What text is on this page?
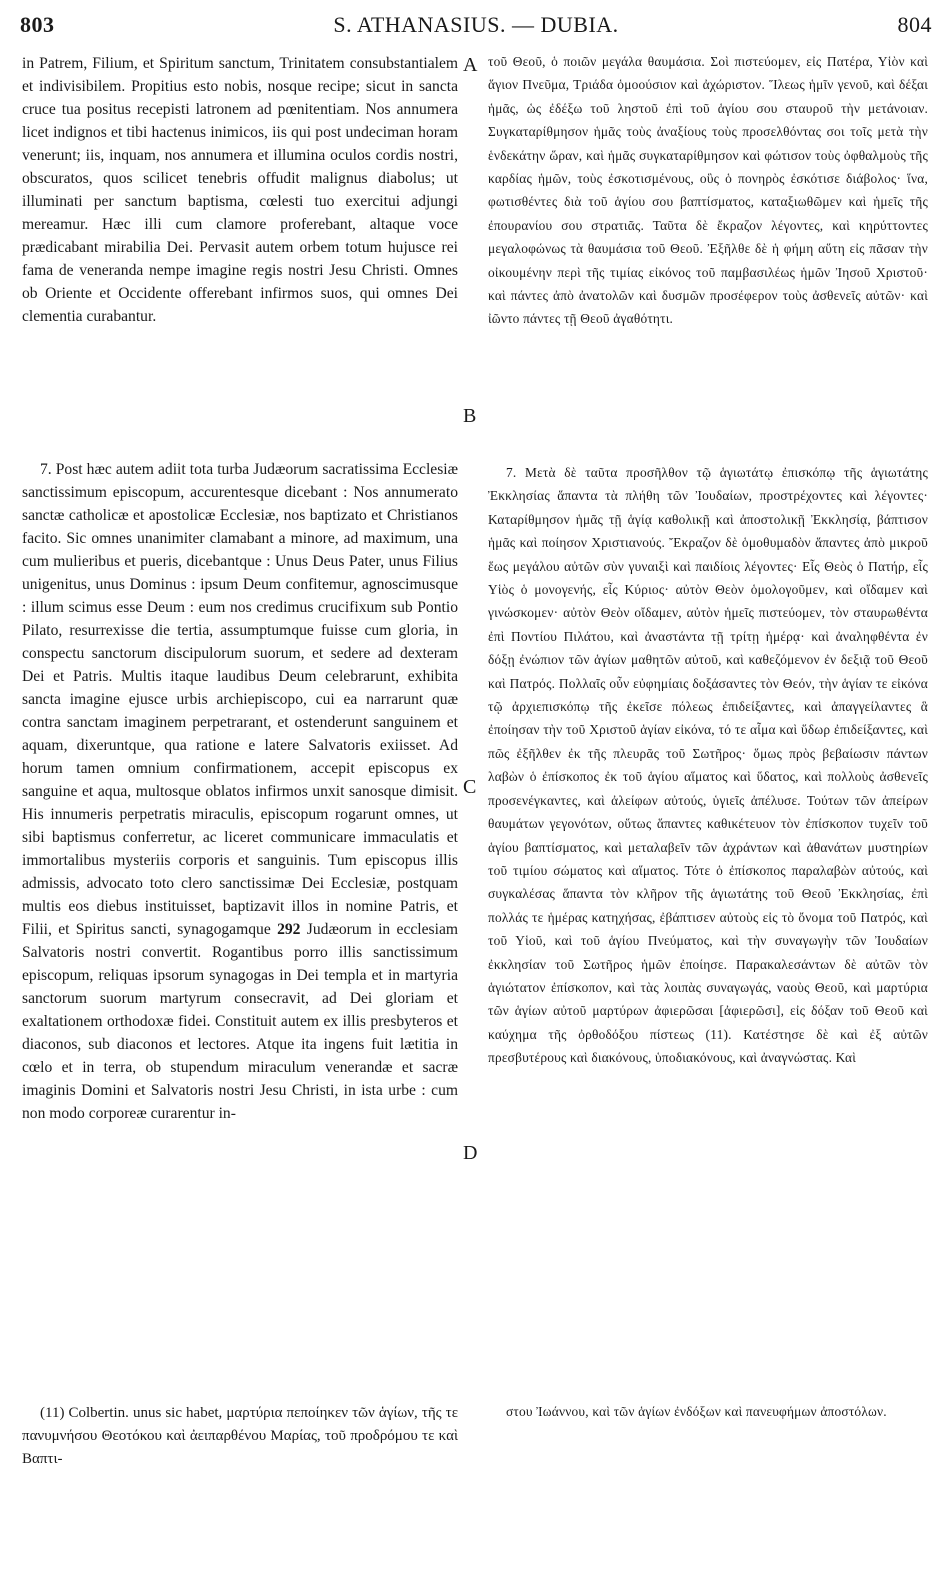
803	S. ATHANASIUS. — DUBIA.	804
A
B
C
D

in Patrem, Filium, et Spiritum sanctum, Trinitatem consubstantialem et indivisibilem. Propitius esto nobis, nosque recipe; sicut in sancta cruce tua positus recepisti latronem ad pœnitentiam. Nos annumera licet indignos et tibi hactenus inimicos, iis qui post undeciman horam venerunt; iis, inquam, nos annumera et illumina oculos cordis nostri, obscuratos, quos scilicet tenebris offudit malignus diabolus; ut illuminati per sanctum baptisma, cœlesti tuo exercitui adjungi mereamur. Hæc illi cum clamore proferebant, altaque voce prædicabant mirabilia Dei. Pervasit autem orbem totum hujusce rei fama de veneranda nempe imagine regis nostri Jesu Christi. Omnes ob Oriente et Occidente offerebant infirmos suos, qui omnes Dei clementia curabantur.

7. Post hæc autem adiit tota turba Judæorum sacratissima Ecclesiæ sanctissimum episcopum, accurentesque dicebant : Nos annumerato sanctæ catholicæ et apostolicæ Ecclesiæ, nos baptizato et Christianos facito. Sic omnes unanimiter clamabant a minore, ad maximum, una cum mulieribus et pueris, dicebantque : Unus Deus Pater, unus Filius unigenitus, unus Dominus : ipsum Deum confitemur, agnoscimusque : illum scimus esse Deum : eum nos credimus crucifixum sub Pontio Pilato, resurrexisse die tertia, assumptumque fuisse cum gloria, in conspectu sanctorum discipulorum suorum, et sedere ad dexteram Dei et Patris. Multis itaque laudibus Deum celebrarunt, exhibita sancta imagine ejusce urbis archiepiscopo, cui ea narrarunt quæ contra sanctam imaginem perpetrarant, et ostenderunt sanguinem et aquam, dixeruntque, qua ratione e latere Salvatoris exiisset. Ad horum tamen omnium confirmationem, accepit episcopus ex sanguine et aqua, multosque oblatos infirmos unxit sanosque dimisit. His innumeris perpetratis miraculis, episcopum rogarunt omnes, ut sibi baptismus conferretur, ac liceret communicare immaculatis et immortalibus mysteriis corporis et sanguinis. Tum episcopus illis admissis, advocato toto clero sanctissimæ Dei Ecclesiæ, postquam multis eos diebus instituisset, baptizavit illos in nomine Patris, et Filii, et Spiritus sancti, synagogamque 292 Judæorum in ecclesiam Salvatoris nostri convertit. Rogantibus porro illis sanctissimum episcopum, reliquas ipsorum synagogas in Dei templa et in martyria sanctorum suorum martyrum consecravit, ad Dei gloriam et exaltationem orthodoxæ fidei. Constituit autem ex illis presbyteros et diaconos, sub diaconos et lectores. Atque ita ingens fuit lætitia in cœlo et in terra, ob stupendum miraculum venerandæ et sacræ imaginis Domini et Salvatoris nostri Jesu Christi, in ista urbe : cum non modo corporeæ curarentur in-

(11) Colbertin. unus sic habet, μαρτύρια πεποίηκεν τῶν ἁγίων, τῆς τε πανυμνήσου Θεοτόκου καὶ ἀειπαρθένου Μαρίας, τοῦ προδρόμου τε καὶ Βαπτι-

τοῦ Θεοῦ, ὁ ποιῶν μεγάλα θαυμάσια. Σοὶ πιστεύομεν, εἰς Πατέρα, Υἱὸν καὶ ἅγιον Πνεῦμα, Τριάδα ὁμοούσιον καὶ ἀχώριστον. Ἵλεως ἡμῖν γενοῦ, καὶ δέξαι ἡμᾶς, ὡς ἐδέξω τοῦ ληστοῦ ἐπὶ τοῦ ἁγίου σου σταυροῦ τὴν μετάνοιαν. Συγκαταρίθμησον ἡμᾶς τοὺς ἀναξίους τοὺς προσελθόντας σοι τοῖς μετὰ τὴν ἑνδεκάτην ὥραν, καὶ ἡμᾶς συγκαταρίθμησον καὶ φώτισον τοὺς ὀφθαλμοὺς τῆς καρδίας ἡμῶν, τοὺς ἐσκοτισμένους, οὓς ὁ πονηρὸς ἐσκότισε διάβολος· ἵνα, φωτισθέντες διὰ τοῦ ἁγίου σου βαπτίσματος, καταξιωθῶμεν καὶ ἡμεῖς τῆς ἐπουρανίου σου στρατιᾶς. Ταῦτα δὲ ἔκραζον λέγοντες, καὶ κηρύττοντες μεγαλοφώνως τὰ θαυμάσια τοῦ Θεοῦ. Ἐξῆλθε δὲ ἡ φήμη αὕτη εἰς πᾶσαν τὴν οἰκουμένην περὶ τῆς τιμίας εἰκόνος τοῦ παμβασιλέως ἡμῶν Ἰησοῦ Χριστοῦ· καὶ πάντες ἀπὸ ἀνατολῶν καὶ δυσμῶν προσέφερον τοὺς ἀσθενεῖς αὐτῶν· καὶ ἰῶντο πάντες τῇ Θεοῦ ἀγαθότητι.

7. Μετὰ δὲ ταῦτα προσῆλθον τῷ ἁγιωτάτῳ ἐπισκόπῳ τῆς ἁγιωτάτης Ἐκκλησίας ἅπαντα τὰ πλήθη τῶν Ἰουδαίων, προστρέχοντες καὶ λέγοντες· Καταρίθμησον ἡμᾶς τῇ ἁγίᾳ καθολικῇ καὶ ἀποστολικῇ Ἐκκλησίᾳ, βάπτισον ἡμᾶς καὶ ποίησον Χριστιανούς. Ἔκραζον δὲ ὁμοθυμαδὸν ἅπαντες ἀπὸ μικροῦ ἕως μεγάλου αὐτῶν σὺν γυναιξὶ καὶ παιδίοις λέγοντες· Εἷς Θεὸς ὁ Πατήρ, εἷς Υἱὸς ὁ μονογενής, εἷς Κύριος· αὐτὸν Θεὸν ὁμολογοῦμεν, καὶ οἴδαμεν καὶ γινώσκομεν· αὐτὸν Θεὸν οἴδαμεν, αὐτὸν ἡμεῖς πιστεύομεν, τὸν σταυρωθέντα ἐπὶ Ποντίου Πιλάτου, καὶ ἀναστάντα τῇ τρίτῃ ἡμέρᾳ· καὶ ἀναληφθέντα ἐν δόξῃ ἐνώπιον τῶν ἁγίων μαθητῶν αὐτοῦ, καὶ καθεζόμενον ἐν δεξιᾷ τοῦ Θεοῦ καὶ Πατρός. Πολλαῖς οὖν εὐφημίαις δοξάσαντες τὸν Θεόν, τὴν ἁγίαν τε εἰκόνα τῷ ἀρχιεπισκόπῳ τῆς ἐκεῖσε πόλεως ἐπιδείξαντες, καὶ ἀπαγγείλαντες ἃ ἐποίησαν τὴν τοῦ Χριστοῦ ἁγίαν εἰκόνα, τό τε αἷμα καὶ ὕδωρ ἐπιδείξαντες, καὶ πῶς ἐξῆλθεν ἐκ τῆς πλευρᾶς τοῦ Σωτῆρος· ὅμως πρὸς βεβαίωσιν πάντων λαβὼν ὁ ἐπίσκοπος ἐκ τοῦ ἁγίου αἵματος καὶ ὕδατος, καὶ πολλοὺς ἀσθενεῖς προσενέγκαντες, καὶ ἀλείφων αὐτούς, ὑγιεῖς ἀπέλυσε. Τούτων τῶν ἀπείρων θαυμάτων γεγονότων, οὕτως ἅπαντες καθικέτευον τὸν ἐπίσκοπον τυχεῖν τοῦ ἁγίου βαπτίσματος, καὶ μεταλαβεῖν τῶν ἀχράντων καὶ ἀθανάτων μυστηρίων τοῦ τιμίου σώματος καὶ αἵματος. Τότε ὁ ἐπίσκοπος παραλαβὼν αὐτούς, καὶ συγκαλέσας ἅπαντα τὸν κλῆρον τῆς ἁγιωτάτης τοῦ Θεοῦ Ἐκκλησίας, ἐπὶ πολλάς τε ἡμέρας κατηχήσας, ἐβάπτισεν αὐτοὺς εἰς τὸ ὄνομα τοῦ Πατρός, καὶ τοῦ Υἱοῦ, καὶ τοῦ ἁγίου Πνεύματος, καὶ τὴν συναγωγὴν τῶν Ἰουδαίων ἐκκλησίαν τοῦ Σωτῆρος ἡμῶν ἐποίησε. Παρακαλεσάντων δὲ αὐτῶν τὸν ἁγιώτατον ἐπίσκοπον, καὶ τὰς λοιπὰς συναγωγάς, ναοὺς Θεοῦ, καὶ μαρτύρια τῶν ἁγίων αὐτοῦ μαρτύρων ἀφιερῶσαι [ἀφιερῶσι], εἰς δόξαν τοῦ Θεοῦ καὶ καύχημα τῆς ὀρθοδόξου πίστεως (11). Κατέστησε δὲ καὶ ἐξ αὐτῶν πρεσβυτέρους καὶ διακόνους, ὑποδιακόνους, καὶ ἀναγνώστας. Καὶ

στου Ἰωάννου, καὶ τῶν ἁγίων ἐνδόξων καὶ πανευφήμων ἀποστόλων.
